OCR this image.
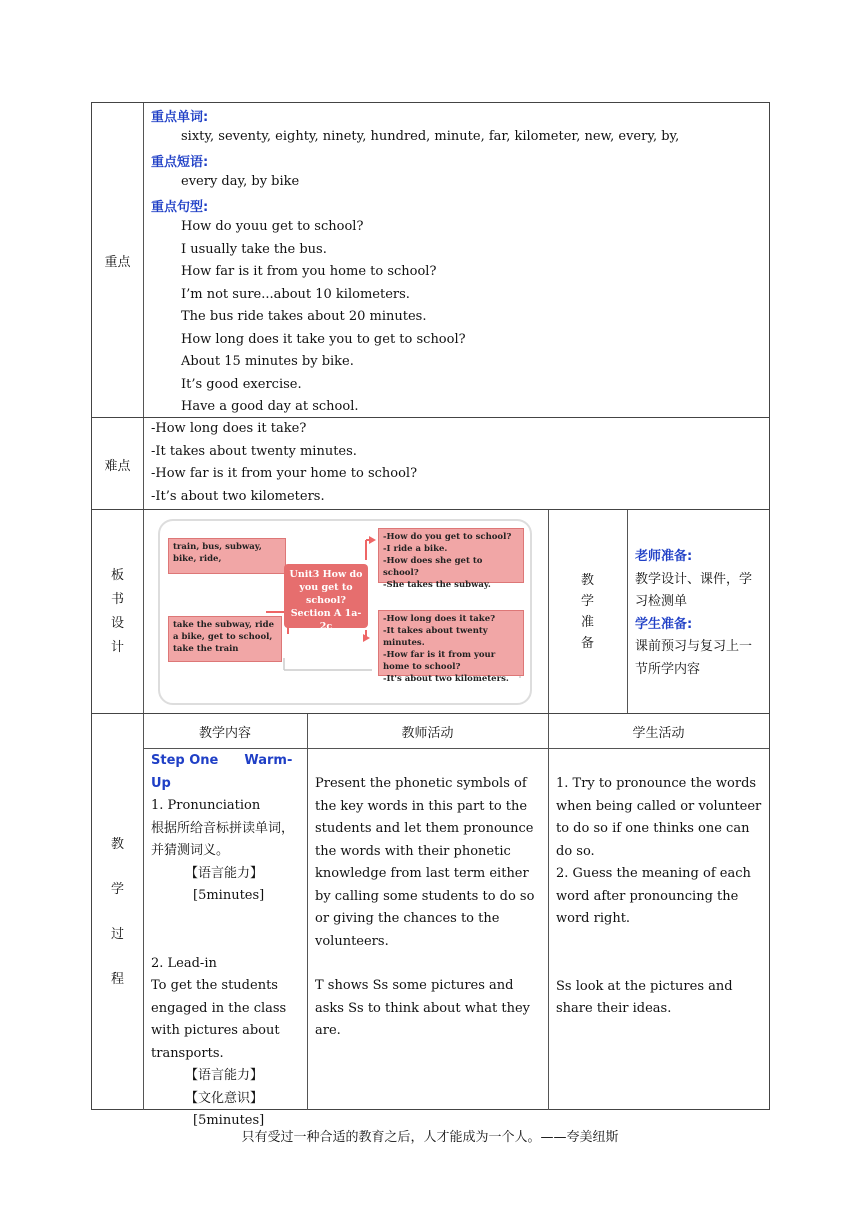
重点
重点单词:
sixty, seventy, eighty, ninety, hundred, minute, far, kilometer, new, every, by,
重点短语:
every day, by bike
重点句型:
How do youu get to school?
I usually take the bus.
How far is it from you home to school?
I’m not sure...about 10 kilometers.
The bus ride takes about 20 minutes.
How long does it take you to get to school?
About 15 minutes by bike.
It’s good exercise.
Have a good day at school.
难点
-How long does it take?
-It takes about twenty minutes.
-How far is it from your home to school?
-It’s about two kilometers.
板
书
设
计
train, bus, subway, bike, ride,
take the subway, ride a bike, get to school, take the train
Unit3 How do you get to school? Section A 1a-2c
-How do you get to school?
-I ride a bike.
-How does she get to school?
-She takes the subway.
-How long does it take?
-It takes about twenty minutes.
-How far is it from your home to school?
-It's about two kilometers.
教
学
准
备
老师准备:
教学设计、课件，学习检测单
学生准备:
课前预习与复习上一节所学内容
教
学
过
程
教学内容	教师活动	学生活动
Step One Warm-Up
1. Pronunciation
根据所给音标拼读单词，并猜测词义。
【语言能力】
[5minutes]
2. Lead-in
To get the students engaged in the class with pictures about transports.
【语言能力】
【文化意识】
[5minutes]
Present the phonetic symbols of the key words in this part to the students and let them pronounce the words with their phonetic knowledge from last term either by calling some students to do so or giving the chances to the volunteers.
T shows Ss some pictures and asks Ss to think about what they are.
1. Try to pronounce the words when being called or volunteer to do so if one thinks one can do so.
2. Guess the meaning of each word after pronouncing the word right.
Ss look at the pictures and share their ideas.
只有受过一种合适的教育之后，人才能成为一个人。——夸美纽斯
